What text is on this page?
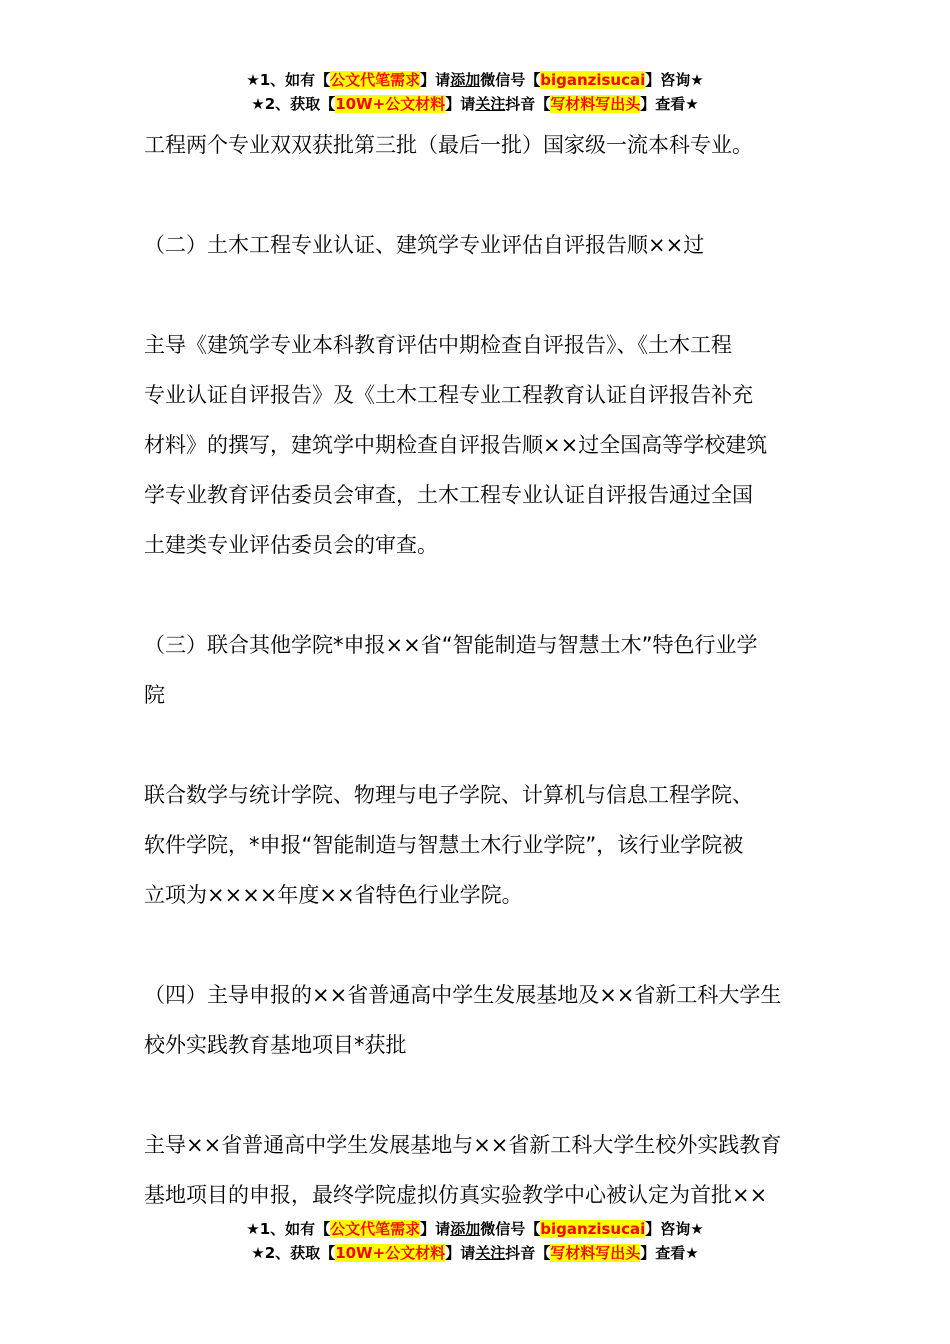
★1、如有【公文代笔需求】请添加微信号【biganzisucai】咨询★
★2、获取【10W+公文材料】请关注抖音【写材料写出头】查看★

工程两个专业双双获批第三批（最后一批）国家级一流本科专业。

（二）土木工程专业认证、建筑学专业评估自评报告顺××过

主导《建筑学专业本科教育评估中期检查自评报告》、《土木工程

专业认证自评报告》及《土木工程专业工程教育认证自评报告补充

材料》的撰写，建筑学中期检查自评报告顺××过全国高等学校建筑

学专业教育评估委员会审查，土木工程专业认证自评报告通过全国

土建类专业评估委员会的审查。

（三）联合其他学院*申报××省“智能制造与智慧土木”特色行业学

院

联合数学与统计学院、物理与电子学院、计算机与信息工程学院、

软件学院，*申报“智能制造与智慧土木行业学院”，该行业学院被

立项为××××年度××省特色行业学院。

（四）主导申报的××省普通高中学生发展基地及××省新工科大学生

校外实践教育基地项目*获批

主导××省普通高中学生发展基地与××省新工科大学生校外实践教育

基地项目的申报，最终学院虚拟仿真实验教学中心被认定为首批××

★1、如有【公文代笔需求】请添加微信号【biganzisucai】咨询★
★2、获取【10W+公文材料】请关注抖音【写材料写出头】查看★
